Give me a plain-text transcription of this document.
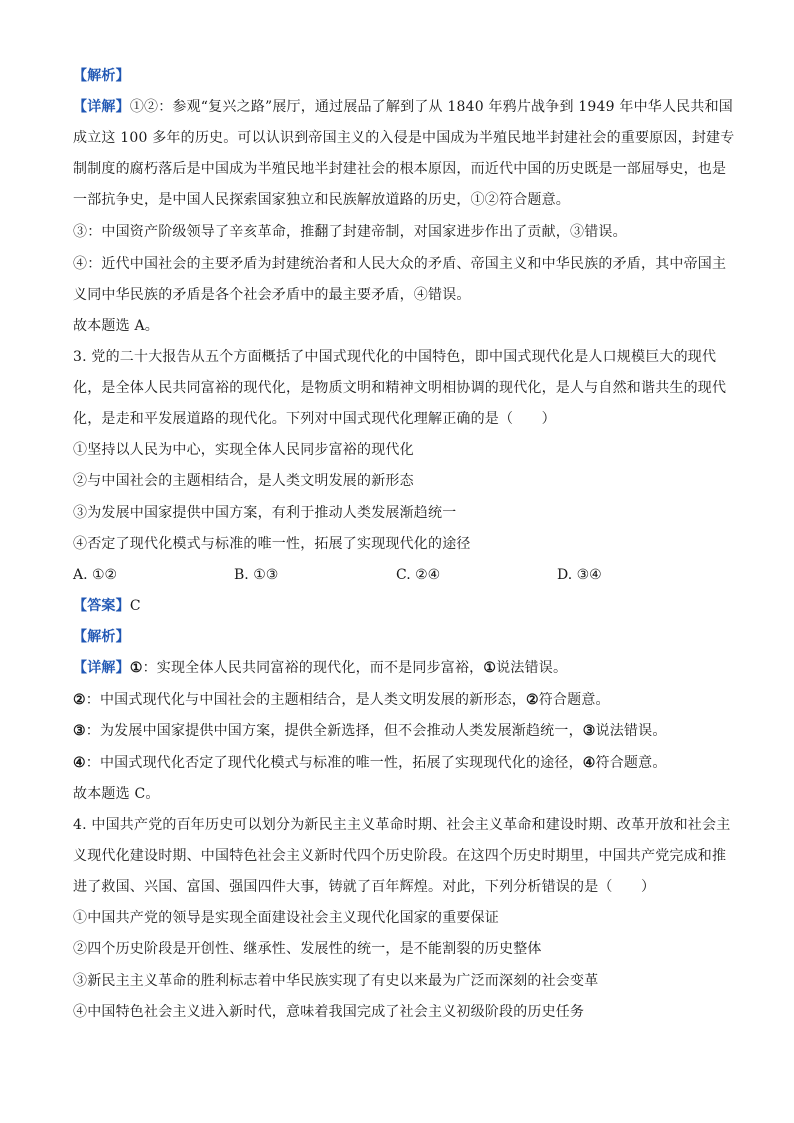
【解析】
【详解】①②：参观“复兴之路”展厅，通过展品了解到了从 1840 年鸦片战争到 1949 年中华人民共和国
成立这 100 多年的历史。可以认识到帝国主义的入侵是中国成为半殖民地半封建社会的重要原因，封建专
制制度的腐朽落后是中国成为半殖民地半封建社会的根本原因，而近代中国的历史既是一部屈辱史，也是
一部抗争史，是中国人民探索国家独立和民族解放道路的历史，①②符合题意。
③：中国资产阶级领导了辛亥革命，推翻了封建帝制，对国家进步作出了贡献，③错误。
④：近代中国社会的主要矛盾为封建统治者和人民大众的矛盾、帝国主义和中华民族的矛盾，其中帝国主
义同中华民族的矛盾是各个社会矛盾中的最主要矛盾，④错误。
故本题选 A。
3. 党的二十大报告从五个方面概括了中国式现代化的中国特色，即中国式现代化是人口规模巨大的现代
化，是全体人民共同富裕的现代化，是物质文明和精神文明相协调的现代化，是人与自然和谐共生的现代
化，是走和平发展道路的现代化。下列对中国式现代化理解正确的是（　　）
①坚持以人民为中心，实现全体人民同步富裕的现代化
②与中国社会的主题相结合，是人类文明发展的新形态
③为发展中国家提供中国方案，有利于推动人类发展渐趋统一
④否定了现代化模式与标准的唯一性，拓展了实现现代化的途径
A. ①②	B. ①③	C. ②④	D. ③④
【答案】C
【解析】
【详解】①：实现全体人民共同富裕的现代化，而不是同步富裕，①说法错误。
②：中国式现代化与中国社会的主题相结合，是人类文明发展的新形态，②符合题意。
③：为发展中国家提供中国方案，提供全新选择，但不会推动人类发展渐趋统一，③说法错误。
④：中国式现代化否定了现代化模式与标准的唯一性，拓展了实现现代化的途径，④符合题意。
故本题选 C。
4. 中国共产党的百年历史可以划分为新民主主义革命时期、社会主义革命和建设时期、改革开放和社会主
义现代化建设时期、中国特色社会主义新时代四个历史阶段。在这四个历史时期里，中国共产党完成和推
进了救国、兴国、富国、强国四件大事，铸就了百年辉煌。对此，下列分析错误的是（　　）
①中国共产党的领导是实现全面建设社会主义现代化国家的重要保证
②四个历史阶段是开创性、继承性、发展性的统一，是不能割裂的历史整体
③新民主主义革命的胜利标志着中华民族实现了有史以来最为广泛而深刻的社会变革
④中国特色社会主义进入新时代，意味着我国完成了社会主义初级阶段的历史任务
